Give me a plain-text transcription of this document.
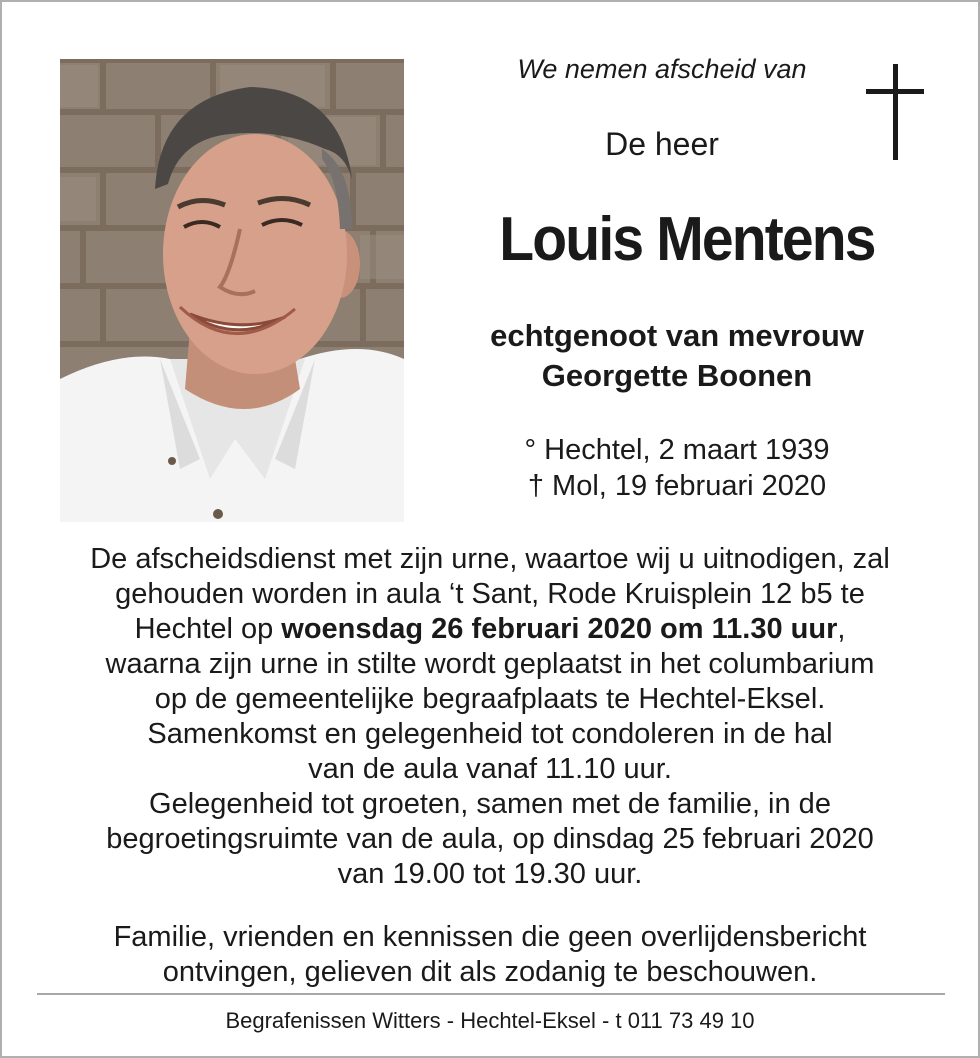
We nemen afscheid van
De heer
Louis Mentens
echtgenoot van mevrouw
Georgette Boonen
° Hechtel, 2 maart 1939
† Mol, 19 februari 2020
De afscheidsdienst met zijn urne, waartoe wij u uitnodigen, zal
gehouden worden in aula ‘t Sant, Rode Kruisplein 12 b5 te
Hechtel op woensdag 26 februari 2020 om 11.30 uur,
waarna zijn urne in stilte wordt geplaatst in het columbarium
op de gemeentelijke begraafplaats te Hechtel-Eksel.
Samenkomst en gelegenheid tot condoleren in de hal
van de aula vanaf 11.10 uur.
Gelegenheid tot groeten, samen met de familie, in de
begroetingsruimte van de aula, op dinsdag 25 februari 2020
van 19.00 tot 19.30 uur.
Familie, vrienden en kennissen die geen overlijdensbericht
ontvingen, gelieven dit als zodanig te beschouwen.
Begrafenissen Witters - Hechtel-Eksel - t 011 73 49 10
